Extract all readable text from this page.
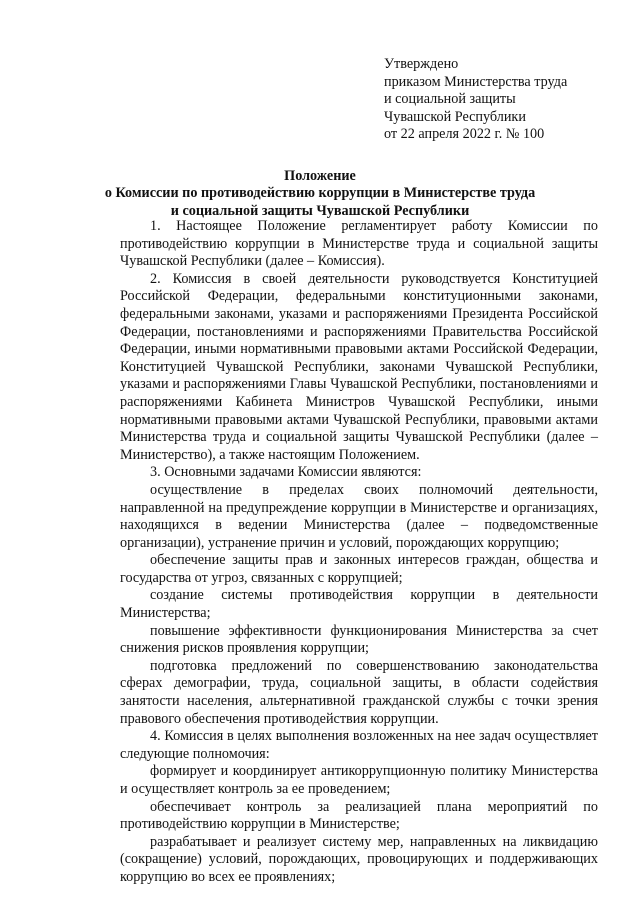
Утверждено
приказом Министерства труда
и социальной защиты
Чувашской Республики
от 22 апреля 2022 г. № 100
Положение
о Комиссии по противодействию коррупции в Министерстве труда
и социальной защиты Чувашской Республики

1. Настоящее Положение регламентирует работу Комиссии по противодействию коррупции в Министерстве труда и социальной защиты Чувашской Республики (далее – Комиссия).

2. Комиссия в своей деятельности руководствуется Конституцией Российской Федерации, федеральными конституционными законами, федеральными законами, указами и распоряжениями Президента Российской Федерации, постановлениями и распоряжениями Правительства Российской Федерации, иными нормативными правовыми актами Российской Федерации, Конституцией Чувашской Республики, законами Чувашской Республики, указами и распоряжениями Главы Чувашской Республики, постановлениями и распоряжениями Кабинета Министров Чувашской Республики, иными нормативными правовыми актами Чувашской Республики, правовыми актами Министерства труда и социальной защиты Чувашской Республики (далее – Министерство), а также настоящим Положением.

3. Основными задачами Комиссии являются:

осуществление в пределах своих полномочий деятельности, направленной на предупреждение коррупции в Министерстве и организациях, находящихся в ведении Министерства (далее – подведомственные организации), устранение причин и условий, порождающих коррупцию;

обеспечение защиты прав и законных интересов граждан, общества и государства от угроз, связанных с коррупцией;

создание системы противодействия коррупции в деятельности Министерства;

повышение эффективности функционирования Министерства за счет снижения рисков проявления коррупции;

подготовка предложений по совершенствованию законодательства сферах демографии, труда, социальной защиты, в области содействия занятости населения, альтернативной гражданской службы с точки зрения правового обеспечения противодействия коррупции.

4. Комиссия в целях выполнения возложенных на нее задач осуществляет следующие полномочия:

формирует и координирует антикоррупционную политику Министерства и осуществляет контроль за ее проведением;

обеспечивает контроль за реализацией плана мероприятий по противодействию коррупции в Министерстве;

разрабатывает и реализует систему мер, направленных на ликвидацию (сокращение) условий, порождающих, провоцирующих и поддерживающих коррупцию во всех ее проявлениях;
